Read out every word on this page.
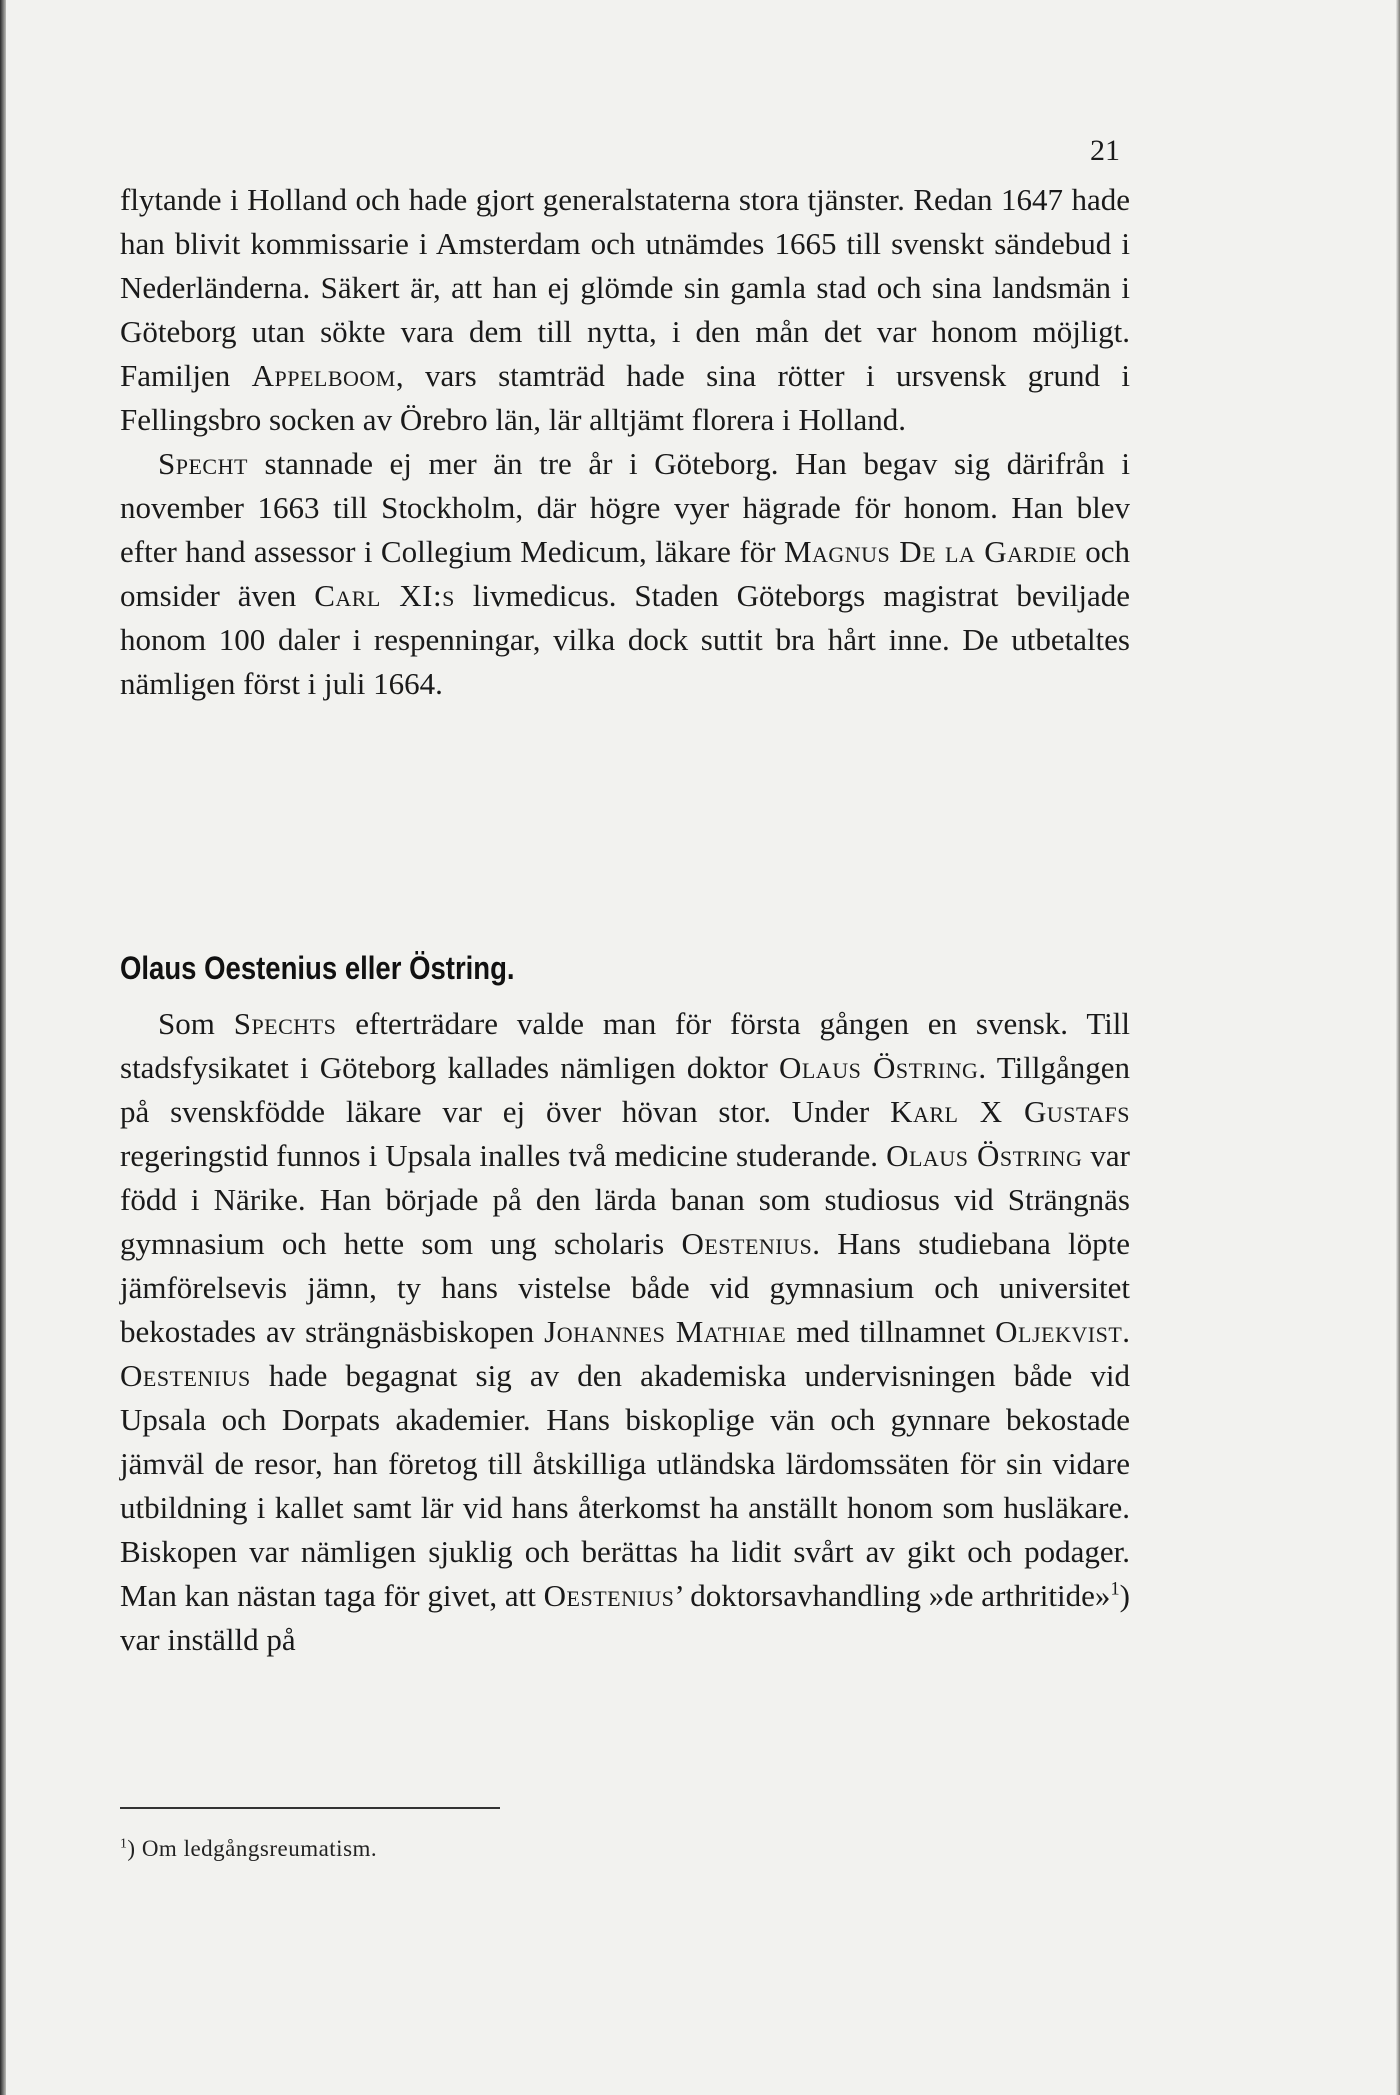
21

flytande i Holland och hade gjort generalstaterna stora tjänster. Redan 1647 hade han blivit kommissarie i Amsterdam och utnämdes 1665 till svenskt sändebud i Nederländerna. Säkert är, att han ej glömde sin gamla stad och sina landsmän i Göteborg utan sökte vara dem till nytta, i den mån det var honom möjligt. Familjen Appelboom, vars stamträd hade sina rötter i ursvensk grund i Fellingsbro socken av Örebro län, lär alltjämt florera i Holland.

Specht stannade ej mer än tre år i Göteborg. Han begav sig därifrån i november 1663 till Stockholm, där högre vyer hägrade för honom. Han blev efter hand assessor i Collegium Medicum, läkare för Magnus De la Gardie och omsider även Carl XI:s livmedicus. Staden Göteborgs magistrat beviljade honom 100 daler i respenningar, vilka dock suttit bra hårt inne. De utbetaltes nämligen först i juli 1664.

Olaus Oestenius eller Östring.

Som Spechts efterträdare valde man för första gången en svensk. Till stadsfysikatet i Göteborg kallades nämligen doktor Olaus Östring. Tillgången på svenskfödde läkare var ej över hövan stor. Under Karl X Gustafs regeringstid funnos i Upsala inalles två medicine studerande. Olaus Östring var född i Närike. Han började på den lärda banan som studiosus vid Strängnäs gymnasium och hette som ung scholaris Oestenius. Hans studiebana löpte jämförelsevis jämn, ty hans vistelse både vid gymnasium och universitet bekostades av strängnäsbiskopen Johannes Mathiae med tillnamnet Oljekvist. Oestenius hade begagnat sig av den akademiska undervisningen både vid Upsala och Dorpats akademier. Hans biskoplige vän och gynnare bekostade jämväl de resor, han företog till åtskilliga utländska lärdomssäten för sin vidare utbildning i kallet samt lär vid hans återkomst ha anställt honom som husläkare. Biskopen var nämligen sjuklig och berättas ha lidit svårt av gikt och podager. Man kan nästan taga för givet, att Oestenius’ doktorsavhandling »de arthritide»$^1$) var inställd på

$^1$) Om ledgångsreumatism.
